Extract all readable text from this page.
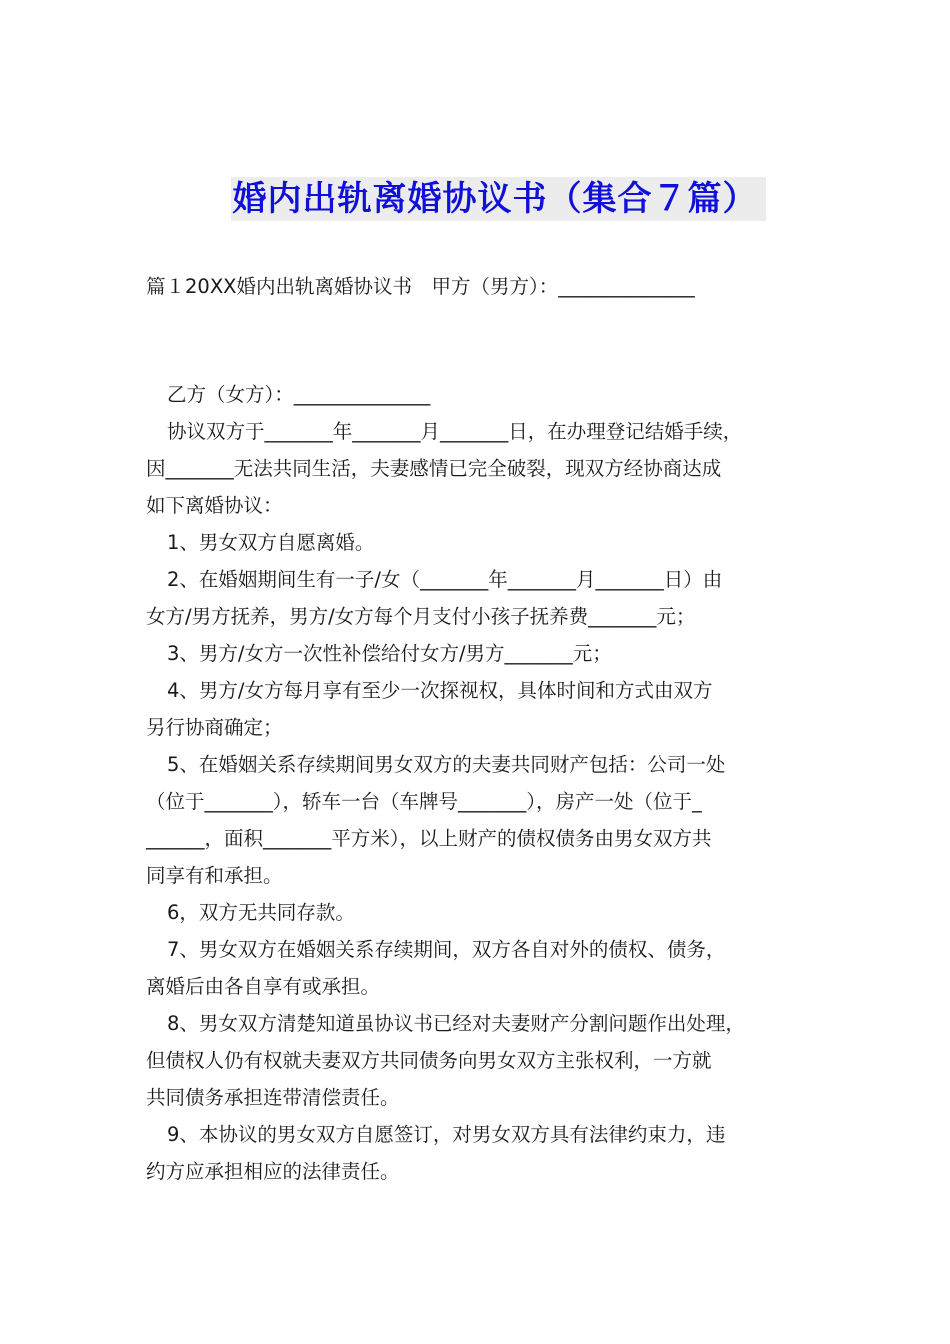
婚内出轨离婚协议书（集合７篇）
篇１20XX婚内出轨离婚协议书　甲方（男方）：______________
乙方（女方）：______________
协议双方于_______年_______月_______日，在办理登记结婚手续，
因_______无法共同生活，夫妻感情已完全破裂，现双方经协商达成
如下离婚协议：
1、男女双方自愿离婚。
2、在婚姻期间生有一子/女（_______年_______月_______日）由
女方/男方抚养，男方/女方每个月支付小孩子抚养费_______元；
3、男方/女方一次性补偿给付女方/男方_______元；
4、男方/女方每月享有至少一次探视权，具体时间和方式由双方
另行协商确定；
5、在婚姻关系存续期间男女双方的夫妻共同财产包括：公司一处
（位于_______），轿车一台（车牌号_______），房产一处（位于_
______，面积_______平方米），以上财产的债权债务由男女双方共
同享有和承担。
6，双方无共同存款。
7、男女双方在婚姻关系存续期间，双方各自对外的债权、债务，
离婚后由各自享有或承担。
8、男女双方清楚知道虽协议书已经对夫妻财产分割问题作出处理，
但债权人仍有权就夫妻双方共同债务向男女双方主张权利，一方就
共同债务承担连带清偿责任。
9、本协议的男女双方自愿签订，对男女双方具有法律约束力，违
约方应承担相应的法律责任。
